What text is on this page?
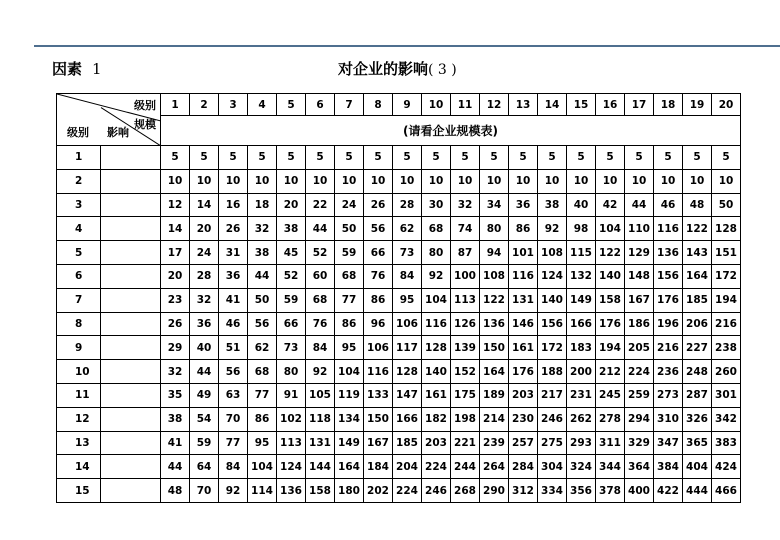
因素 1	对企业的影响( 3 )
级别
规模
级别 影响		1	2	3	4	5	6	7	8	9	10	11	12	13	14	15	16	17	18	19	20
		(请看企业规模表)																			
1		5	5	5	5	5	5	5	5	5	5	5	5	5	5	5	5	5	5	5	5
2		10	10	10	10	10	10	10	10	10	10	10	10	10	10	10	10	10	10	10	10
3		12	14	16	18	20	22	24	26	28	30	32	34	36	38	40	42	44	46	48	50
4		14	20	26	32	38	44	50	56	62	68	74	80	86	92	98	104	110	116	122	128
5		17	24	31	38	45	52	59	66	73	80	87	94	101	108	115	122	129	136	143	151
6		20	28	36	44	52	60	68	76	84	92	100	108	116	124	132	140	148	156	164	172
7		23	32	41	50	59	68	77	86	95	104	113	122	131	140	149	158	167	176	185	194
8		26	36	46	56	66	76	86	96	106	116	126	136	146	156	166	176	186	196	206	216
9		29	40	51	62	73	84	95	106	117	128	139	150	161	172	183	194	205	216	227	238
10		32	44	56	68	80	92	104	116	128	140	152	164	176	188	200	212	224	236	248	260
11		35	49	63	77	91	105	119	133	147	161	175	189	203	217	231	245	259	273	287	301
12		38	54	70	86	102	118	134	150	166	182	198	214	230	246	262	278	294	310	326	342
13		41	59	77	95	113	131	149	167	185	203	221	239	257	275	293	311	329	347	365	383
14		44	64	84	104	124	144	164	184	204	224	244	264	284	304	324	344	364	384	404	424
15		48	70	92	114	136	158	180	202	224	246	268	290	312	334	356	378	400	422	444	466
